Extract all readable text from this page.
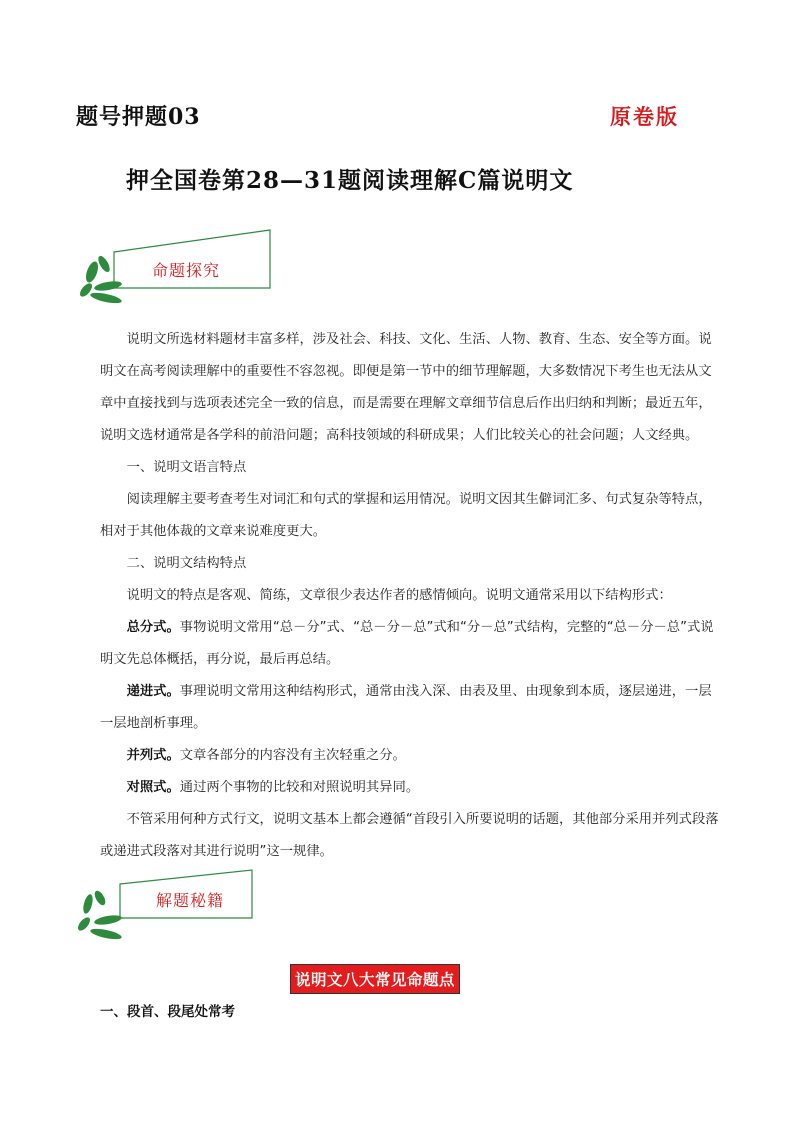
题号押题03	原卷版
押全国卷第28—31题阅读理解C篇说明文
命题探究

说明文所选材料题材丰富多样，涉及社会、科技、文化、生活、人物、教育、生态、安全等方面。说明文在高考阅读理解中的重要性不容忽视。即便是第一节中的细节理解题，大多数情况下考生也无法从文章中直接找到与选项表述完全一致的信息，而是需要在理解文章细节信息后作出归纳和判断；最近五年，说明文选材通常是各学科的前沿问题；高科技领域的科研成果；人们比较关心的社会问题；人文经典。

一、说明文语言特点

阅读理解主要考查考生对词汇和句式的掌握和运用情况。说明文因其生僻词汇多、句式复杂等特点，相对于其他体裁的文章来说难度更大。

二、说明文结构特点

说明文的特点是客观、简练，文章很少表达作者的感情倾向。说明文通常采用以下结构形式：

总分式。事物说明文常用“总－分”式、“总－分－总”式和“分－总”式结构，完整的“总－分－总”式说明文先总体概括，再分说，最后再总结。

递进式。事理说明文常用这种结构形式，通常由浅入深、由表及里、由现象到本质，逐层递进，一层一层地剖析事理。

并列式。文章各部分的内容没有主次轻重之分。

对照式。通过两个事物的比较和对照说明其异同。

不管采用何种方式行文，说明文基本上都会遵循“首段引入所要说明的话题，其他部分采用并列式段落或递进式段落对其进行说明”这一规律。

解题秘籍
说明文八大常见命题点
一、段首、段尾处常考
